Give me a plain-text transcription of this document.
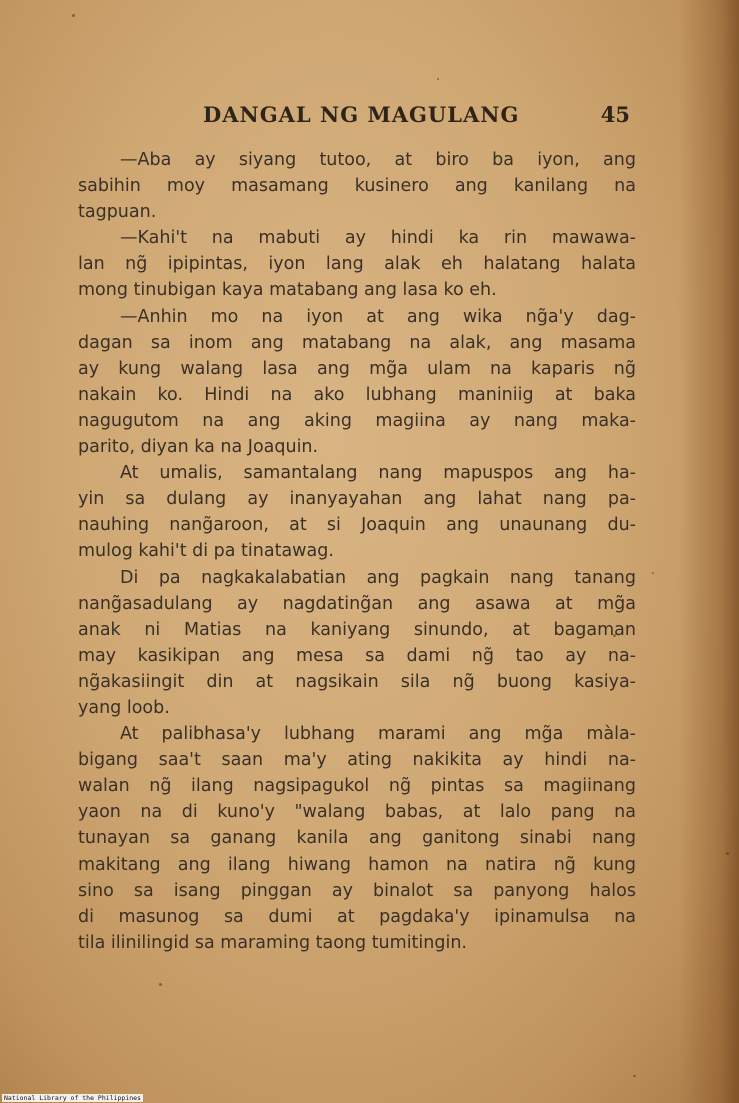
DANGAL NG MAGULANG	45
—Aba ay siyang tutoo, at biro ba iyon, ang
sabihin moy masamang kusinero ang kanilang na
tagpuan.
—Kahi't na mabuti ay hindi ka rin mawawa-
lan ng̃ ipipintas, iyon lang alak eh halatang halata
mong tinubigan kaya matabang ang lasa ko eh.
—Anhin mo na iyon at ang wika ng̃a'y dag-
dagan sa inom ang matabang na alak, ang masama
ay kung walang lasa ang mg̃a ulam na kaparis ng̃
nakain ko. Hindi na ako lubhang maniniig at baka
nagugutom na ang aking magiina ay nang maka-
parito, diyan ka na Joaquin.
At umalis, samantalang nang mapuspos ang ha-
yin sa dulang ay inanyayahan ang lahat nang pa-
nauhing nang̃aroon, at si Joaquin ang unaunang du-
mulog kahi't di pa tinatawag.
Di pa nagkakalabatian ang pagkain nang tanang
nang̃asadulang ay nagdating̃an ang asawa at mg̃a
anak ni Matias na kaniyang sinundo, at bagaman
may kasikipan ang mesa sa dami ng̃ tao ay na-
ng̃akasiingit din at nagsikain sila ng̃ buong kasiya-
yang loob.
At palibhasa'y lubhang marami ang mg̃a màla-
bigang saa't saan ma'y ating nakikita ay hindi na-
walan ng̃ ilang nagsipagukol ng̃ pintas sa magiinang
yaon na di kuno'y "walang babas, at lalo pang na
tunayan sa ganang kanila ang ganitong sinabi nang
makitang ang ilang hiwang hamon na natira ng̃ kung
sino sa isang pinggan ay binalot sa panyong halos
di masunog sa dumi at pagdaka'y ipinamulsa na
tila ilinilingid sa maraming taong tumitingin.
National Library of the Philippines
